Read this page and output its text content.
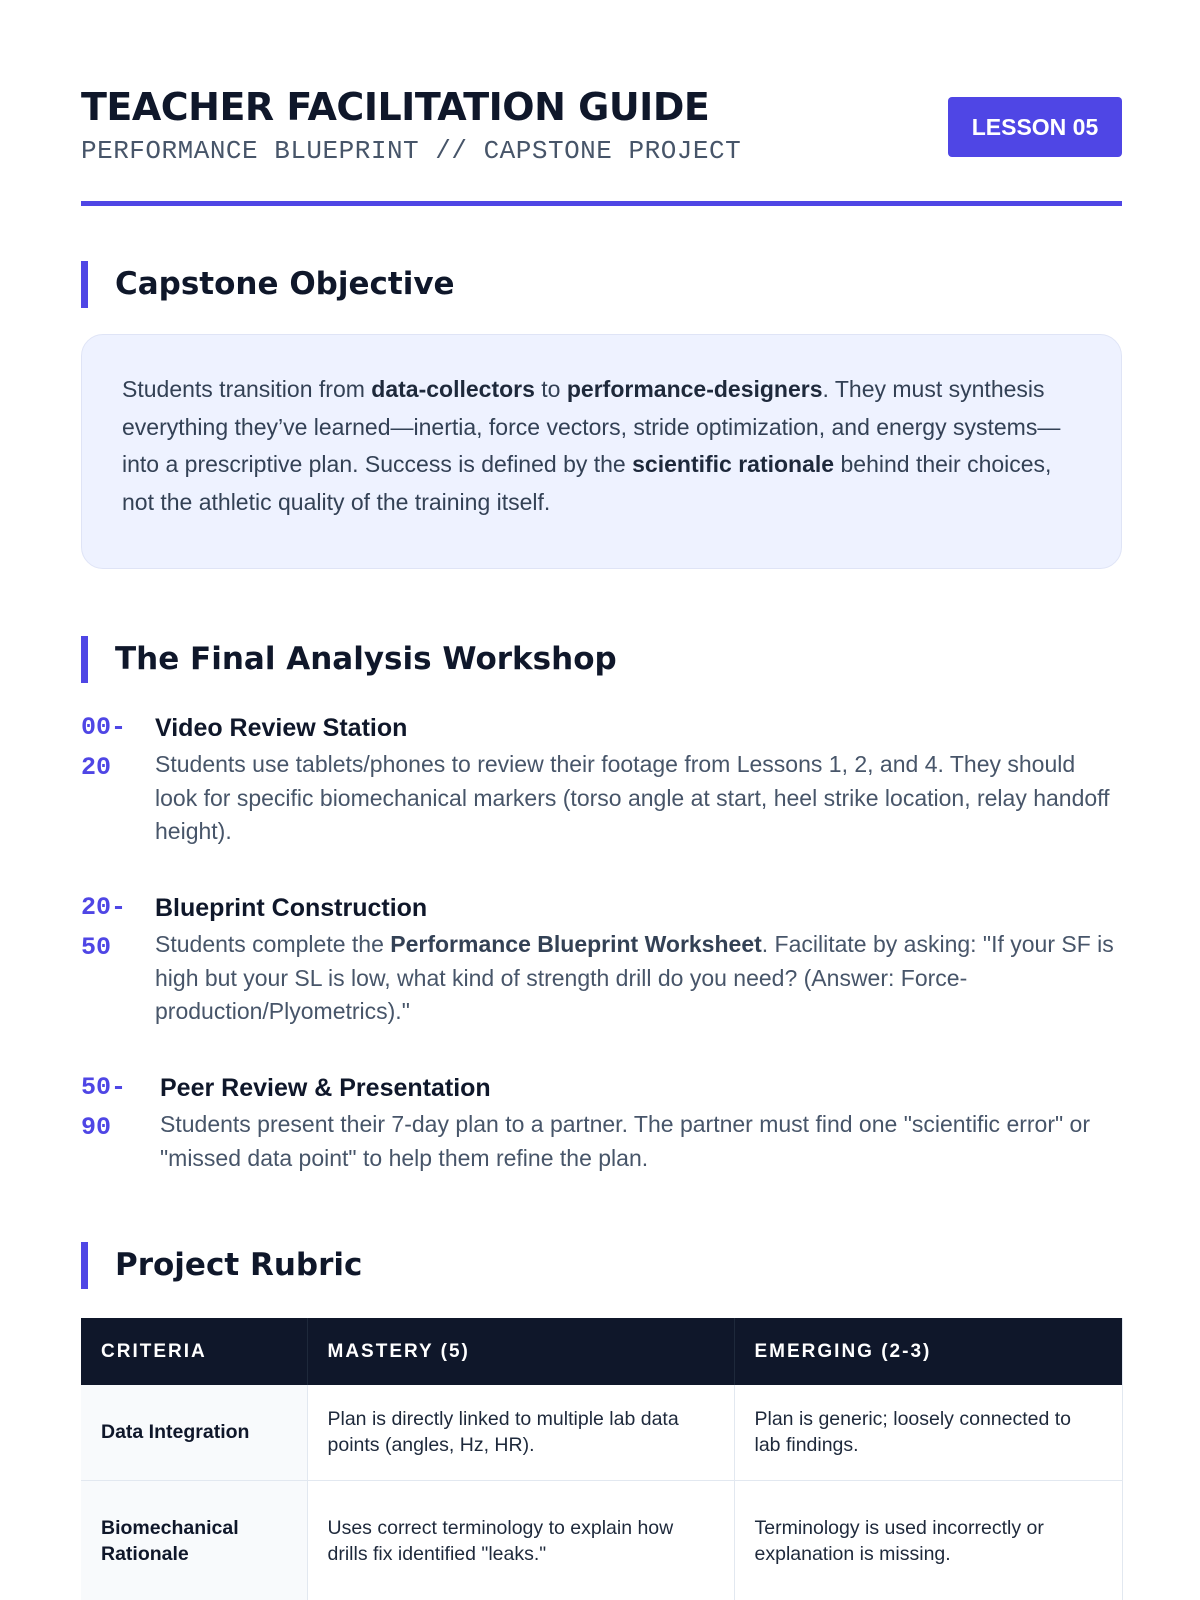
TEACHER FACILITATION GUIDE
PERFORMANCE BLUEPRINT // CAPSTONE PROJECT
LESSON 05
Capstone Objective

Students transition from data-collectors to performance-designers. They must synthesis everything they’ve learned—inertia, force vectors, stride optimization, and energy systems—into a prescriptive plan. Success is defined by the scientific rationale behind their choices, not the athletic quality of the training itself.

The Final Analysis Workshop
00-20
Video Review Station

Students use tablets/phones to review their footage from Lessons 1, 2, and 4. They should look for specific biomechanical markers (torso angle at start, heel strike location, relay handoff height).

20-50
Blueprint Construction

Students complete the Performance Blueprint Worksheet. Facilitate by asking: "If your SF is high but your SL is low, what kind of strength drill do you need? (Answer: Force-production/Plyometrics)."

50-90
Peer Review & Presentation

Students present their 7-day plan to a partner. The partner must find one "scientific error" or "missed data point" to help them refine the plan.

Project Rubric
CRITERIA	MASTERY (5)	EMERGING (2-3)
Data Integration	Plan is directly linked to multiple lab data points (angles, Hz, HR).	Plan is generic; loosely connected to lab findings.
Biomechanical Rationale	Uses correct terminology to explain how drills fix identified "leaks."	Terminology is used incorrectly or explanation is missing.
